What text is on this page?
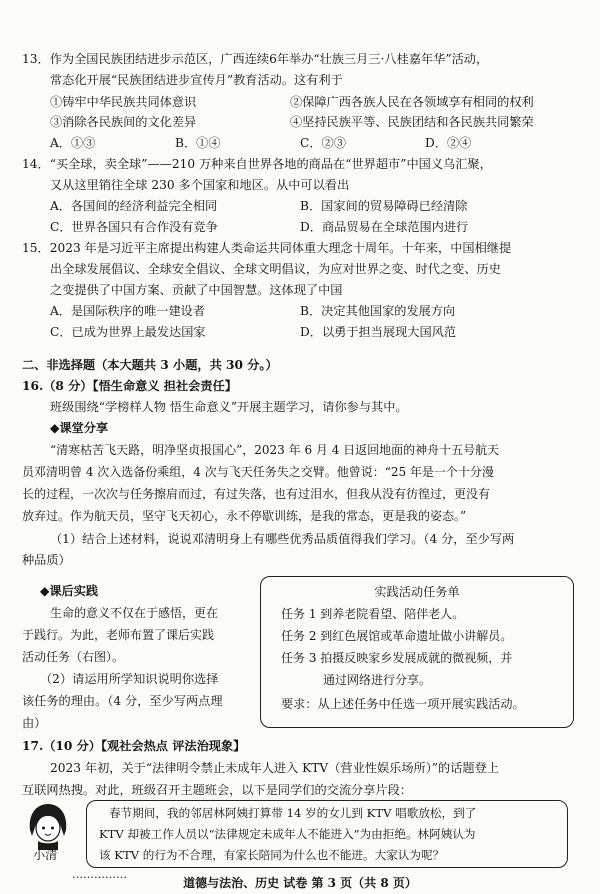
13．作为全国民族团结进步示范区，广西连续6年举办“壮族三月三·八桂嘉年华”活动，
常态化开展“民族团结进步宣传月”教育活动。这有利于
①铸牢中华民族共同体意识	②保障广西各族人民在各领域享有相同的权利
③消除各民族间的文化差异	④坚持民族平等、民族团结和各民族共同繁荣
A．①③	B．①④	C．②③	D．②④
14．“买全球，卖全球”——210 万种来自世界各地的商品在“世界超市”中国义乌汇聚，
又从这里销往全球 230 多个国家和地区。从中可以看出
A．各国间的经济利益完全相同	B．国家间的贸易障碍已经清除
C．世界各国只有合作没有竞争	D．商品贸易在全球范围内进行
15．2023 年是习近平主席提出构建人类命运共同体重大理念十周年。十年来，中国相继提
出全球发展倡议、全球安全倡议、全球文明倡议，为应对世界之变、时代之变、历史
之变提供了中国方案、贡献了中国智慧。这体现了中国
A．是国际秩序的唯一建设者	B．决定其他国家的发展方向
C．已成为世界上最发达国家	D．以勇于担当展现大国风范
二、非选择题（本大题共 3 小题，共 30 分。）
16.（8 分）【悟生命意义 担社会责任】
班级围绕“学榜样人物 悟生命意义”开展主题学习，请你参与其中。
◆课堂分享
“清寒枯苦飞天路，明净坚贞报国心”，2023 年 6 月 4 日返回地面的神舟十五号航天
员邓清明曾 4 次入选备份乘组，4 次与飞天任务失之交臂。他曾说：“25 年是一个十分漫
长的过程，一次次与任务擦肩而过，有过失落，也有过泪水，但我从没有彷徨过，更没有
放弃过。作为航天员，坚守飞天初心，永不停歇训练，是我的常态，更是我的姿态。”
（1）结合上述材料，说说邓清明身上有哪些优秀品质值得我们学习。（4 分，至少写两
种品质）
◆课后实践
生命的意义不仅在于感悟，更在
于践行。为此，老师布置了课后实践
活动任务（右图）。
（2）请运用所学知识说明你选择
该任务的理由。（4 分，至少写两点理
由）
实践活动任务单
任务 1 到养老院看望、陪伴老人。
任务 2 到红色展馆或革命遗址做小讲解员。
任务 3 拍摄反映家乡发展成就的微视频，并
通过网络进行分享。
要求：从上述任务中任选一项开展实践活动。
17.（10 分）【观社会热点 评法治现象】
2023 年初，关于“法律明令禁止未成年人进入 KTV（营业性娱乐场所）”的话题登上
互联网热搜。对此，班级召开主题班会，以下是同学们的交流分享片段：
小清
春节期间，我的邻居林阿姨打算带 14 岁的女儿到 KTV 唱歌放松，到了
KTV 却被工作人员以“法律规定未成年人不能进入”为由拒绝。林阿姨认为
该 KTV 的行为不合理，有家长陪同为什么也不能进。大家认为呢？
……………
道德与法治、历史 试卷 第 3 页（共 8 页）
